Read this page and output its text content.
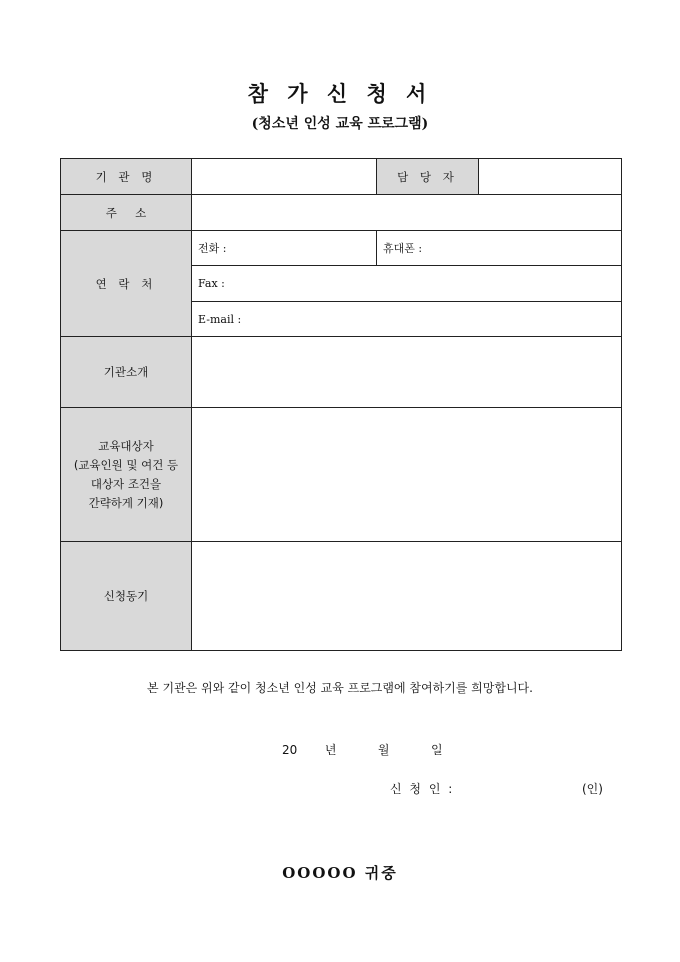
참 가 신 청 서
(청소년 인성 교육 프로그램)
기 관 명		담 당 자	
주     소			
연 락 처	전화 :	휴대폰 :	
	Fax :		
	E-mail :		
기관소개			

교육대상자
(교육인원 및 여건 등
대상자 조건을
간략하게 기재)			

신청동기			
본 기관은 위와 같이 청소년 인성 교육 프로그램에 참여하기를 희망합니다.
20  년   월   일
신 청 인 :	(인)
OOOOO 귀중
